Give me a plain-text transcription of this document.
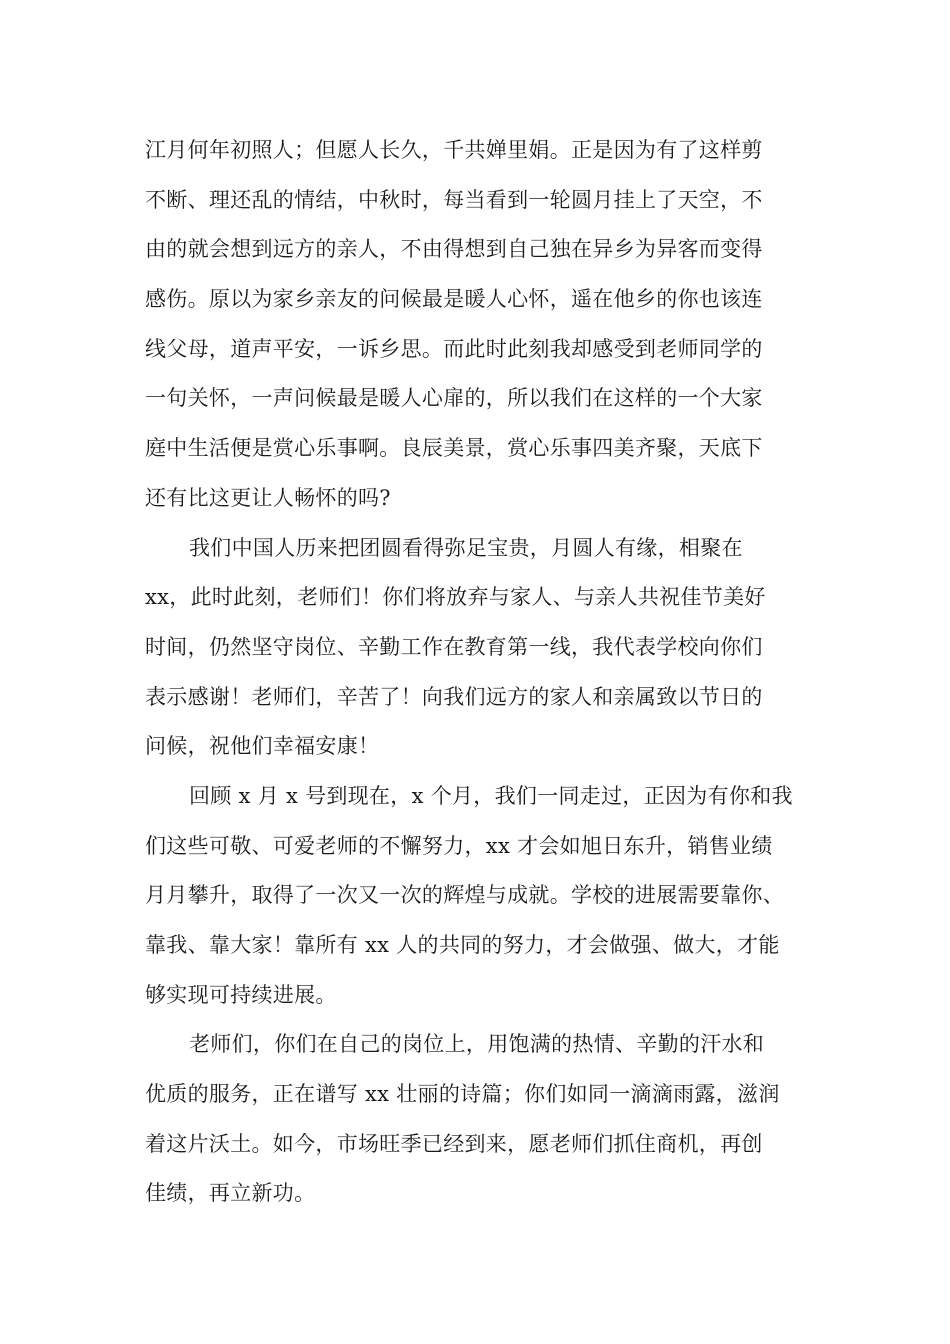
江月何年初照人；但愿人长久，千共婵里娟。正是因为有了这样剪
不断、理还乱的情结，中秋时，每当看到一轮圆月挂上了天空，不
由的就会想到远方的亲人，不由得想到自己独在异乡为异客而变得
感伤。原以为家乡亲友的问候最是暖人心怀，遥在他乡的你也该连
线父母，道声平安，一诉乡思。而此时此刻我却感受到老师同学的
一句关怀，一声问候最是暖人心扉的，所以我们在这样的一个大家
庭中生活便是赏心乐事啊。良辰美景，赏心乐事四美齐聚，天底下
还有比这更让人畅怀的吗?
我们中国人历来把团圆看得弥足宝贵，月圆人有缘，相聚在
xx，此时此刻，老师们！你们将放弃与家人、与亲人共祝佳节美好
时间，仍然坚守岗位、辛勤工作在教育第一线，我代表学校向你们
表示感谢！老师们，辛苦了！向我们远方的家人和亲属致以节日的
问候，祝他们幸福安康！
回顾 x 月 x 号到现在，x 个月，我们一同走过，正因为有你和我
们这些可敬、可爱老师的不懈努力，xx 才会如旭日东升，销售业绩
月月攀升，取得了一次又一次的辉煌与成就。学校的进展需要靠你、
靠我、靠大家！靠所有 xx 人的共同的努力，才会做强、做大，才能
够实现可持续进展。
老师们，你们在自己的岗位上，用饱满的热情、辛勤的汗水和
优质的服务，正在谱写 xx 壮丽的诗篇；你们如同一滴滴雨露，滋润
着这片沃土。如今，市场旺季已经到来，愿老师们抓住商机，再创
佳绩，再立新功。
